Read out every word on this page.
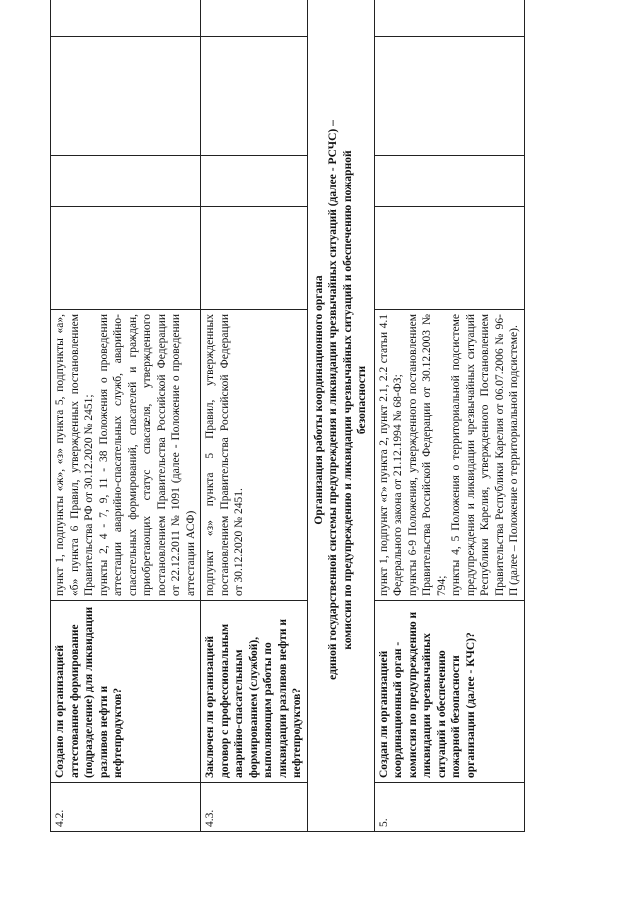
4.2.	Создано ли организацией аттестованное формирование (подразделение) для ликвидации разливов нефти и нефтепродуктов?	пункт 1, подпункты «ж», «з» пункта 5, подпункты «а», «б» пункта 6 Правил, утвержденных постановлением Правительства РФ от 30.12.2020 № 2451;
пункты 2, 4 - 7, 9, 11 - 38 Положения о проведении аттестации аварийно-спасательных служб, аварийно-спасательных формирований, спасателей и граждан, приобретающих статус спасателя, утвержденного постановлением Правительства Российской Федерации от 22.12.2011 № 1091 (далее - Положение о проведении аттестации АСФ)				
4.3.	Заключен ли организацией договор с профессиональным аварийно-спасательным формированием (службой), выполняющим работы по ликвидации разливов нефти и нефтепродуктов?	подпункт «з» пункта 5 Правил, утвержденных постановлением Правительства Российской Федерации от 30.12.2020 № 2451.				
Организация работы координационного органа
единой государственной системы предупреждения и ликвидации чрезвычайных ситуаций (далее - РСЧС) –
комиссии по предупреждению и ликвидации чрезвычайных ситуаций и обеспечению пожарной
безопасности						
5.	Создан ли организацией координационный орган - комиссия по предупреждению и ликвидации чрезвычайных ситуаций и обеспечению пожарной безопасности организации (далее - КЧС)?	пункт 1, подпункт «г» пункта 2, пункт 2.1, 2.2 статьи 4.1 Федерального закона от 21.12.1994 № 68-ФЗ;
пункты 6-9 Положения, утвержденного постановлением Правительства Российской Федерации от 30.12.2003 № 794;
пункты 4, 5 Положения о территориальной подсистеме предупреждения и ликвидации чрезвычайных ситуаций Республики Карелия, утвержденного Постановлением Правительства Республики Карелия от 06.07.2006 № 96-П (далее – Положение о территориальной подсистеме).				
